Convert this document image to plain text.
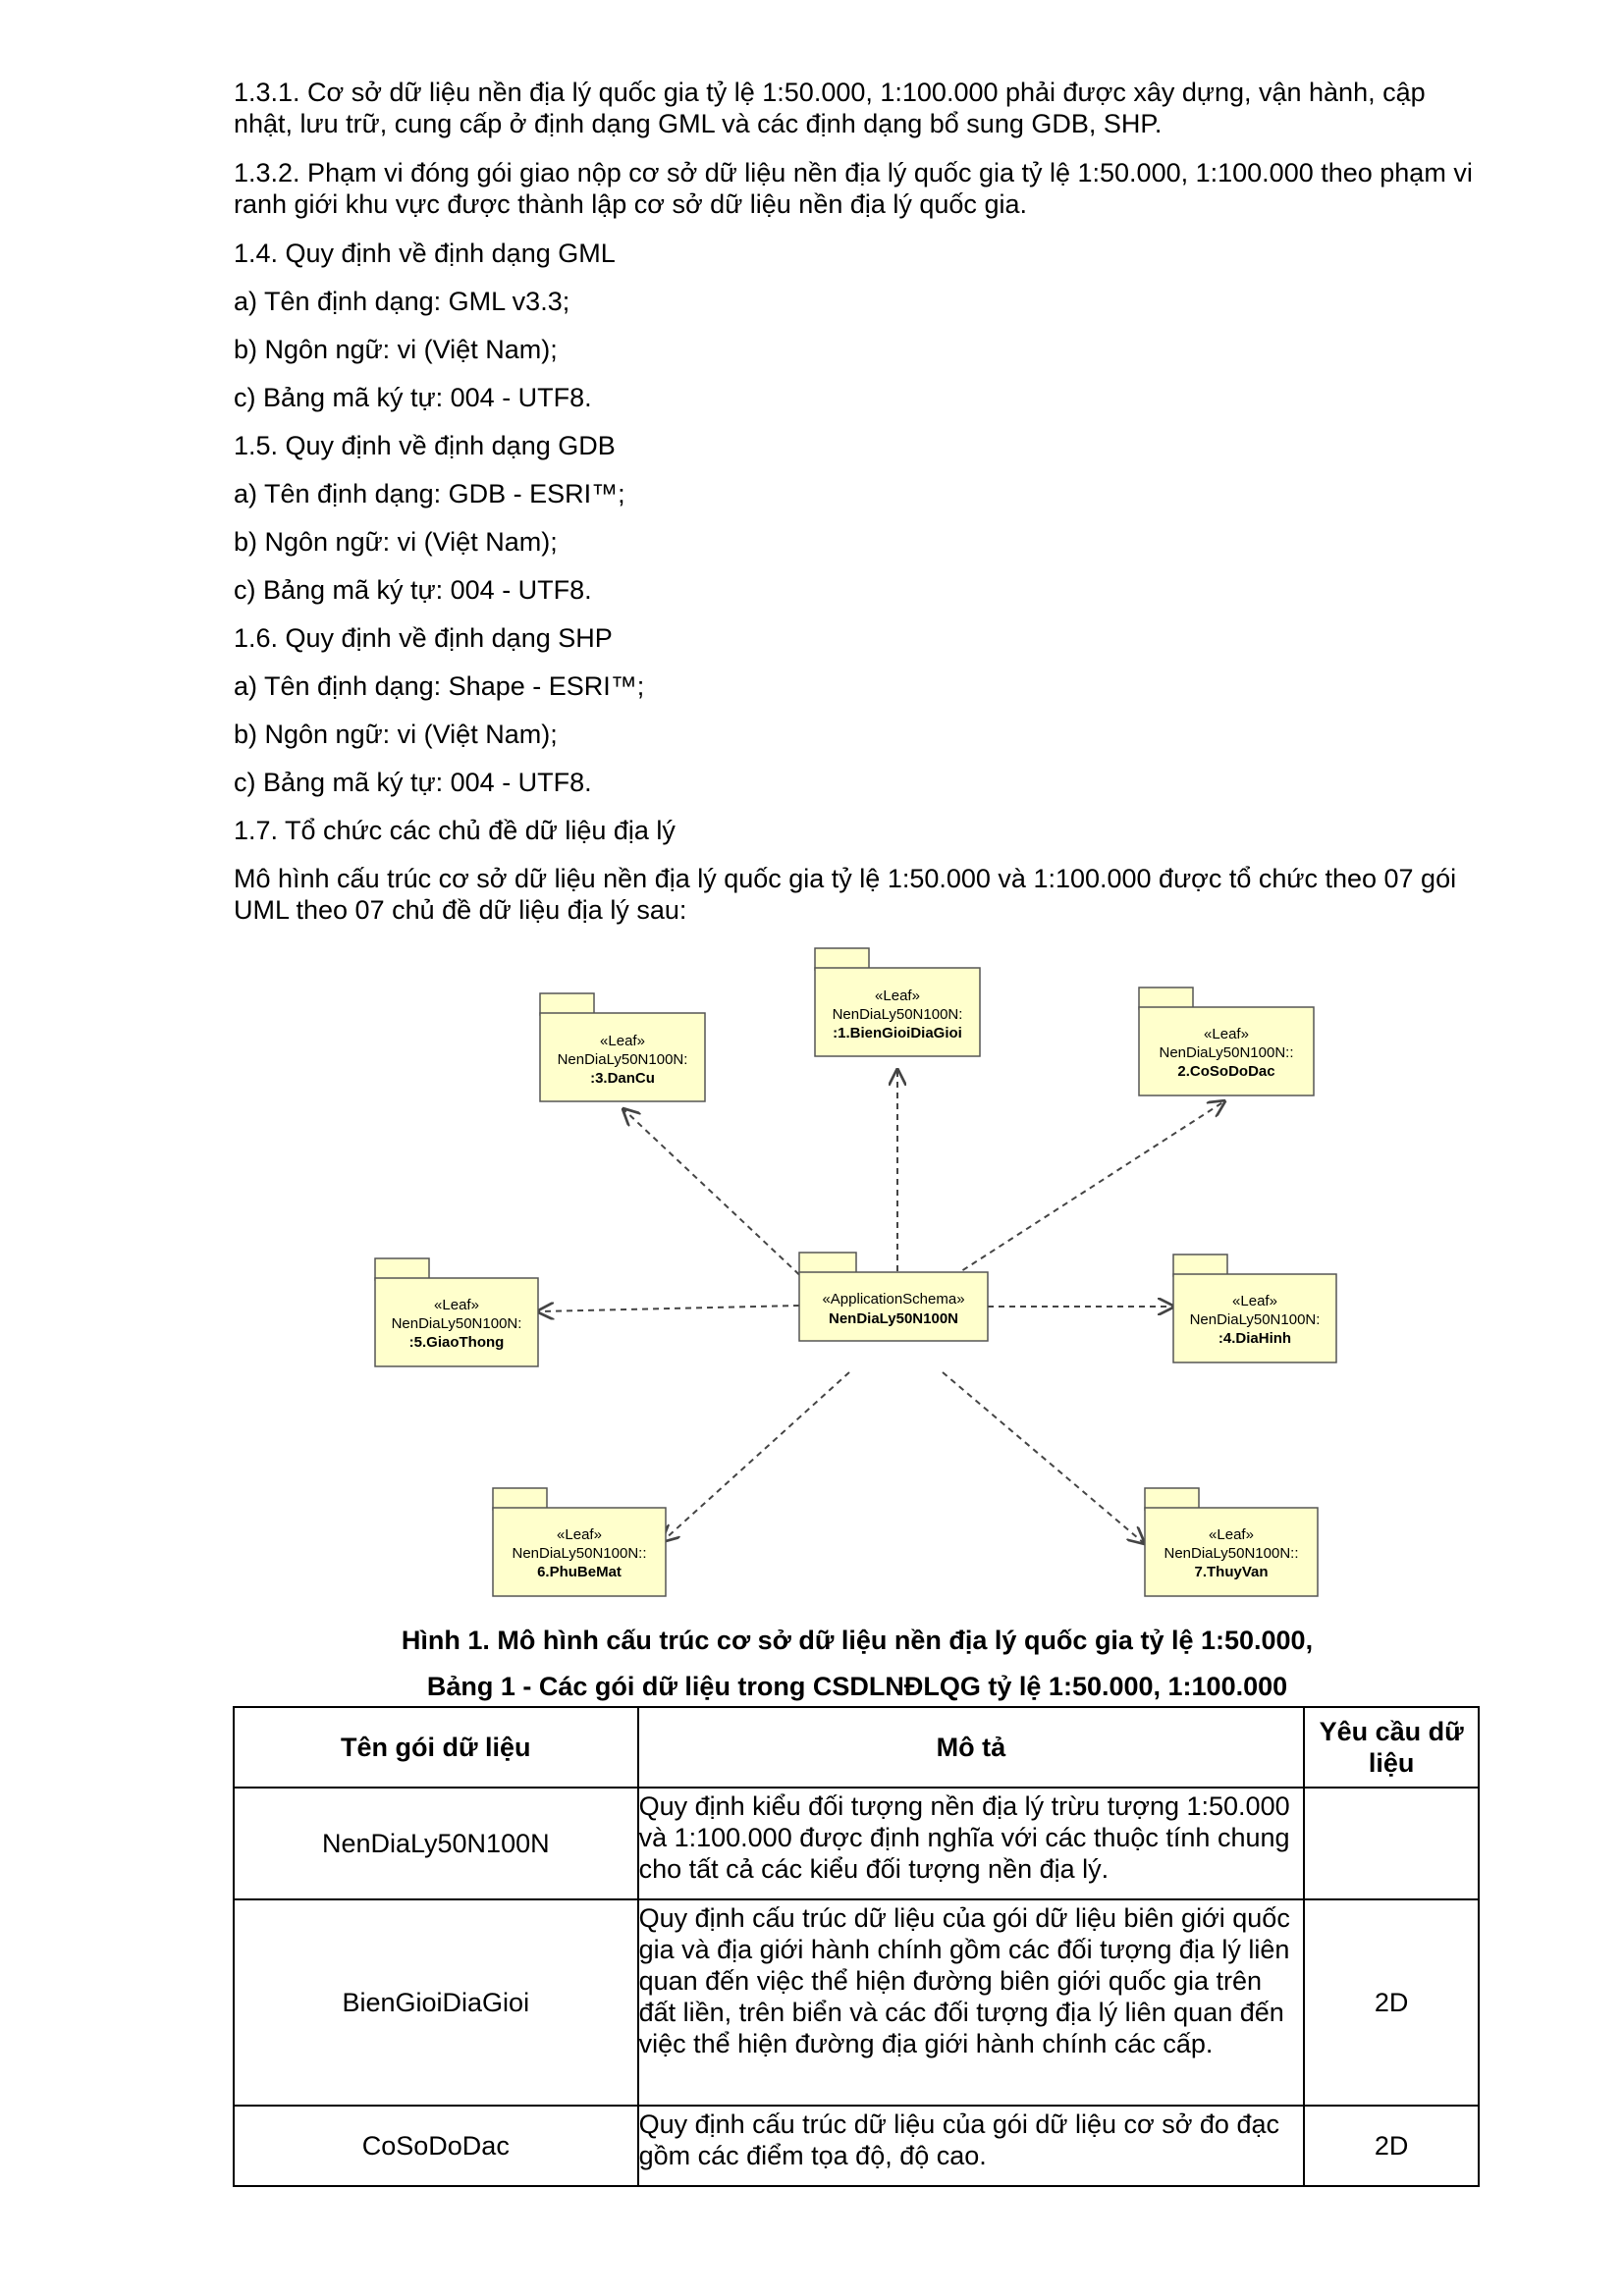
1.3.1. Cơ sở dữ liệu nền địa lý quốc gia tỷ lệ 1:50.000, 1:100.000 phải được xây dựng, vận hành, cập nhật, lưu trữ, cung cấp ở định dạng GML và các định dạng bổ sung GDB, SHP.

1.3.2. Phạm vi đóng gói giao nộp cơ sở dữ liệu nền địa lý quốc gia tỷ lệ 1:50.000, 1:100.000 theo phạm vi ranh giới khu vực được thành lập cơ sở dữ liệu nền địa lý quốc gia.

1.4. Quy định về định dạng GML

a) Tên định dạng: GML v3.3;

b) Ngôn ngữ: vi (Việt Nam);

c) Bảng mã ký tự: 004 - UTF8.

1.5. Quy định về định dạng GDB

a) Tên định dạng: GDB - ESRI™;

b) Ngôn ngữ: vi (Việt Nam);

c) Bảng mã ký tự: 004 - UTF8.

1.6. Quy định về định dạng SHP

a) Tên định dạng: Shape - ESRI™;

b) Ngôn ngữ: vi (Việt Nam);

c) Bảng mã ký tự: 004 - UTF8.

1.7. Tổ chức các chủ đề dữ liệu địa lý

Mô hình cấu trúc cơ sở dữ liệu nền địa lý quốc gia tỷ lệ 1:50.000 và 1:100.000 được tổ chức theo 07 gói UML theo 07 chủ đề dữ liệu địa lý sau:

«ApplicationSchema»
NenDiaLy50N100N
«Leaf»
NenDiaLy50N100N:
:1.BienGioiDiaGioi	«Leaf»
NenDiaLy50N100N::
2.CoSoDoDac
«Leaf»
NenDiaLy50N100N:
:3.DanCu
«Leaf»
NenDiaLy50N100N:
:4.DiaHinh
«Leaf»
NenDiaLy50N100N:
:5.GiaoThong
«Leaf»
NenDiaLy50N100N::
6.PhuBeMat
«Leaf»
NenDiaLy50N100N::
7.ThuyVan

Hình 1. Mô hình cấu trúc cơ sở dữ liệu nền địa lý quốc gia tỷ lệ 1:50.000,

Bảng 1 - Các gói dữ liệu trong CSDLNĐLQG tỷ lệ 1:50.000, 1:100.000

Tên gói dữ liệu	Mô tả	Yêu cầu dữ liệu
NenDiaLy50N100N	Quy định kiểu đối tượng nền địa lý trừu tượng 1:50.000 và 1:100.000 được định nghĩa với các thuộc tính chung cho tất cả các kiểu đối tượng nền địa lý.	
BienGioiDiaGioi	Quy định cấu trúc dữ liệu của gói dữ liệu biên giới quốc gia và địa giới hành chính gồm các đối tượng địa lý liên quan đến việc thể hiện đường biên giới quốc gia trên đất liền, trên biển và các đối tượng địa lý liên quan đến việc thể hiện đường địa giới hành chính các cấp.	2D
CoSoDoDac	Quy định cấu trúc dữ liệu của gói dữ liệu cơ sở đo đạc gồm các điểm tọa độ, độ cao.	2D
